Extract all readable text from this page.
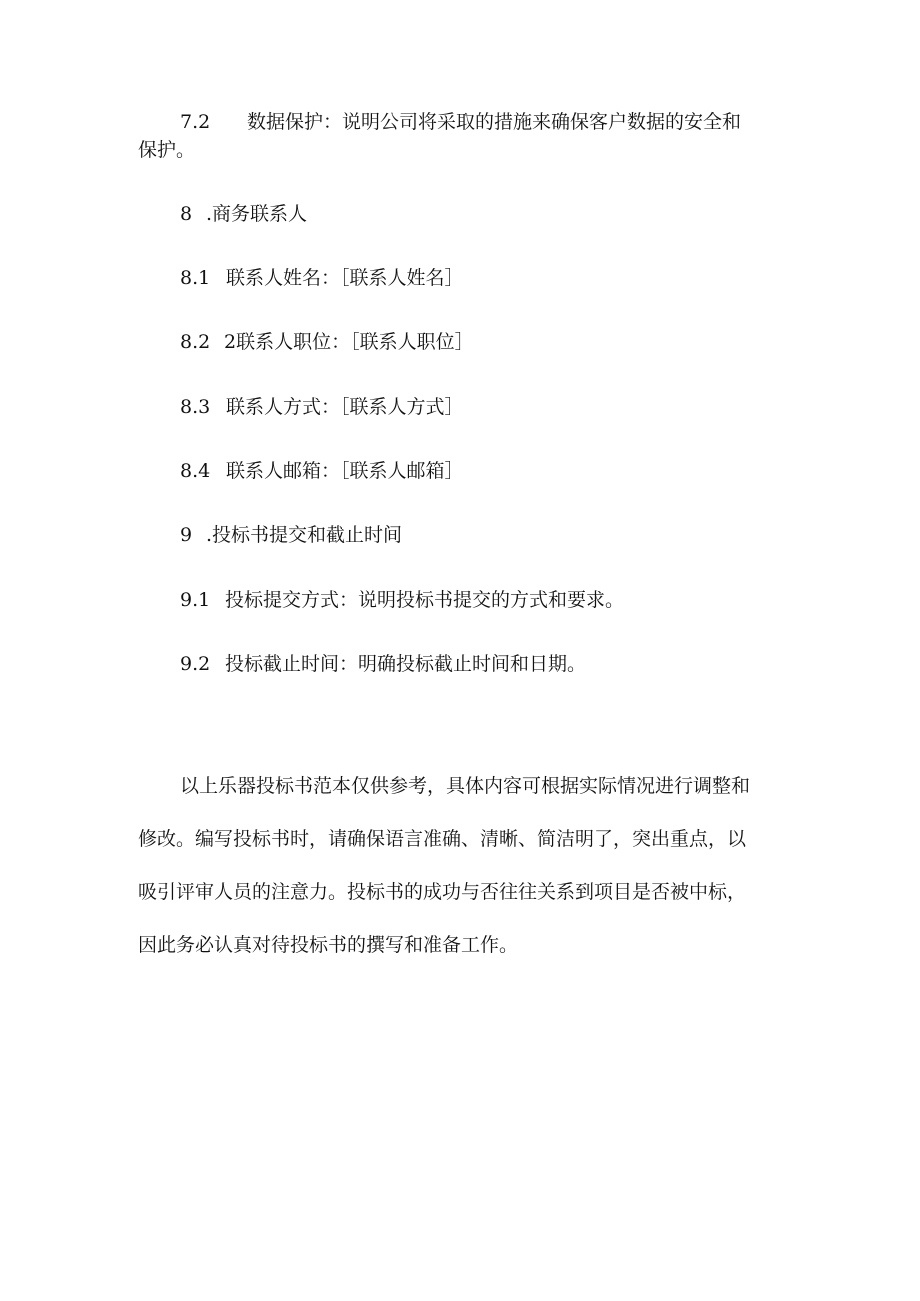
7.2 数据保护：说明公司将采取的措施来确保客户数据的安全和
保护。
8 .商务联系人
8.1 联系人姓名：［联系人姓名］
8.2 2联系人职位：［联系人职位］
8.3 联系人方式：［联系人方式］
8.4 联系人邮箱：［联系人邮箱］
9 .投标书提交和截止时间
9.1 投标提交方式：说明投标书提交的方式和要求。
9.2 投标截止时间：明确投标截止时间和日期。
以上乐器投标书范本仅供参考，具体内容可根据实际情况进行调整和
修改。编写投标书时，请确保语言准确、清晰、简洁明了，突出重点，以
吸引评审人员的注意力。投标书的成功与否往往关系到项目是否被中标，
因此务必认真对待投标书的撰写和准备工作。
